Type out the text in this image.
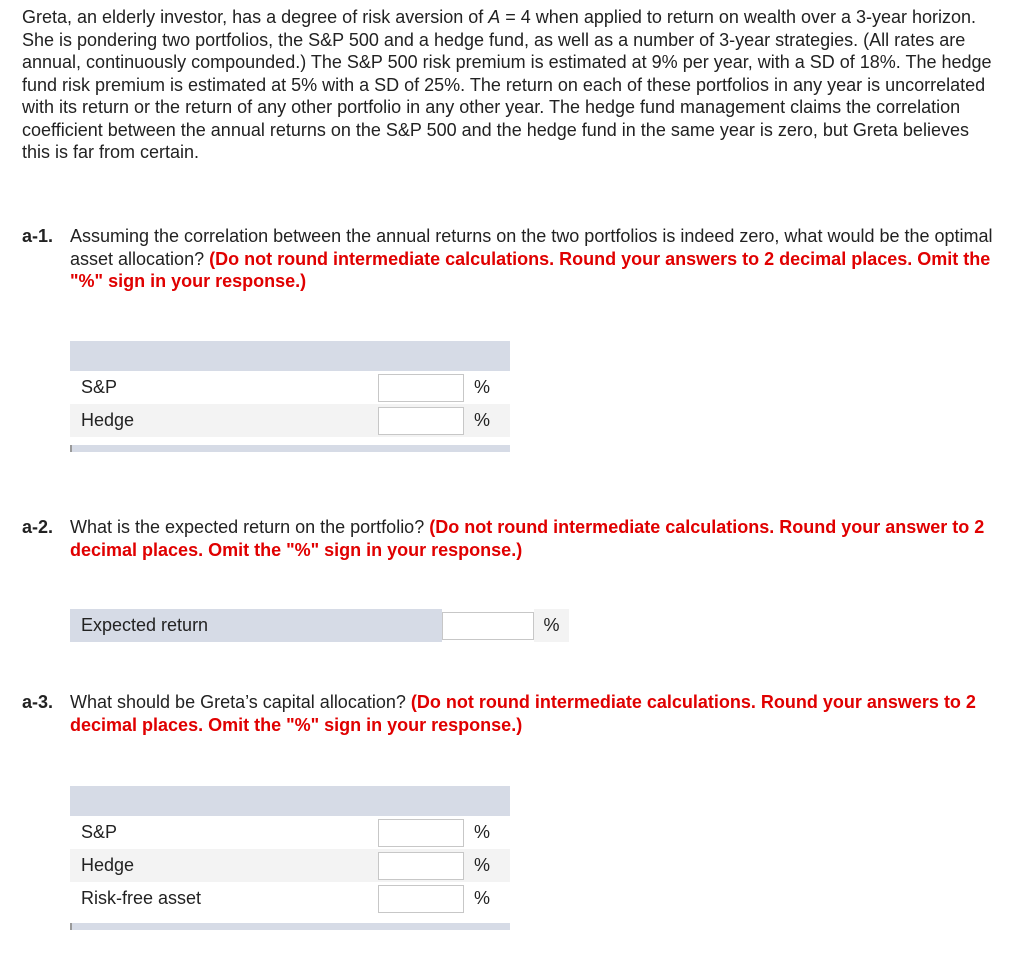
Greta, an elderly investor, has a degree of risk aversion of A = 4 when applied to return on wealth over a 3-year horizon. She is pondering two portfolios, the S&P 500 and a hedge fund, as well as a number of 3-year strategies. (All rates are annual, continuously compounded.) The S&P 500 risk premium is estimated at 9% per year, with a SD of 18%. The hedge fund risk premium is estimated at 5% with a SD of 25%. The return on each of these portfolios in any year is uncorrelated with its return or the return of any other portfolio in any other year. The hedge fund management claims the correlation coefficient between the annual returns on the S&P 500 and the hedge fund in the same year is zero, but Greta believes this is far from certain.

a-1. Assuming the correlation between the annual returns on the two portfolios is indeed zero, what would be the optimal asset allocation? (Do not round intermediate calculations. Round your answers to 2 decimal places. Omit the "%" sign in your response.)
S&P	%
Hedge	%
a-2. What is the expected return on the portfolio? (Do not round intermediate calculations. Round your answer to 2 decimal places. Omit the "%" sign in your response.)
Expected return	%
a-3. What should be Greta’s capital allocation? (Do not round intermediate calculations. Round your answers to 2 decimal places. Omit the "%" sign in your response.)
S&P	%
Hedge	%
Risk-free asset	%
